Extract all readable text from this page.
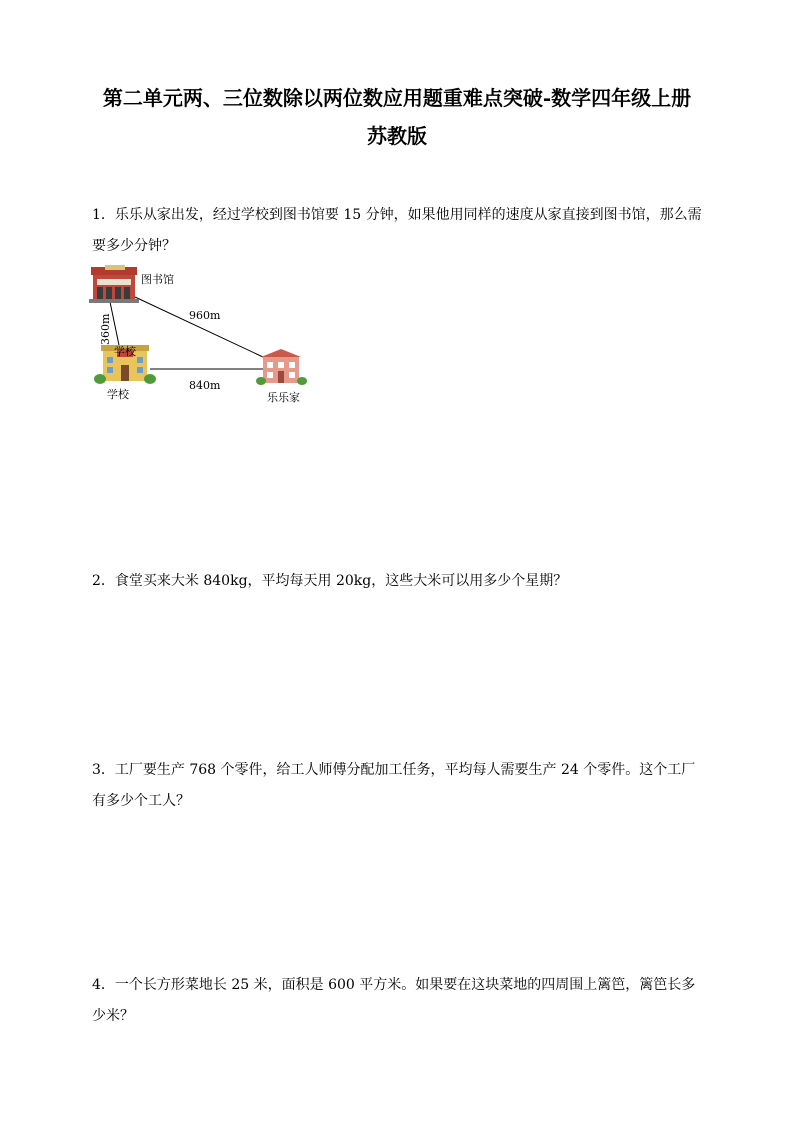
第二单元两、三位数除以两位数应用题重难点突破-数学四年级上册
苏教版

1．乐乐从家出发，经过学校到图书馆要 15 分钟，如果他用同样的速度从家直接到图书馆，那么需要多少分钟？

学校
图书馆
学校	乐乐家
960m
840m
360m

2．食堂买来大米 840kg，平均每天用 20kg，这些大米可以用多少个星期？

3．工厂要生产 768 个零件，给工人师傅分配加工任务，平均每人需要生产 24 个零件。这个工厂有多少个工人？

4．一个长方形菜地长 25 米，面积是 600 平方米。如果要在这块菜地的四周围上篱笆，篱笆长多少米？
